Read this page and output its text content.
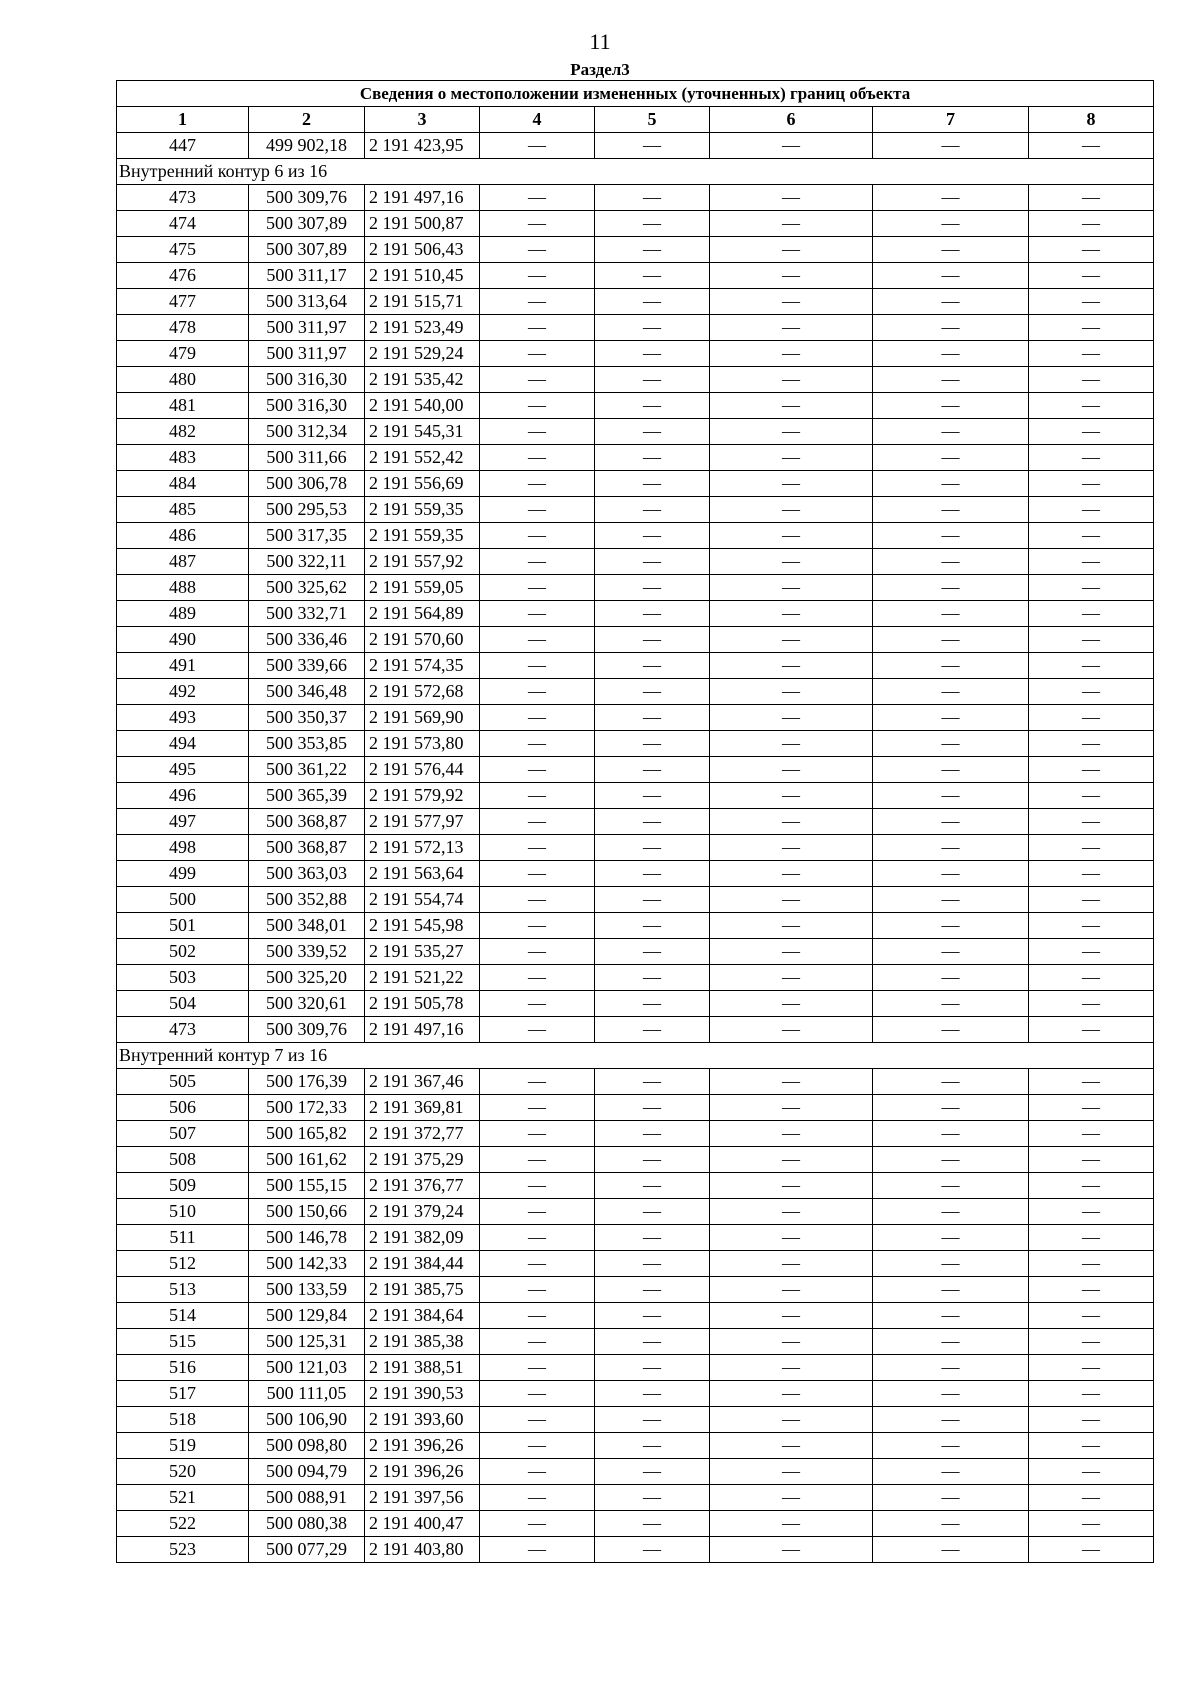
11
Раздел3
Сведения о местоположении измененных (уточненных) границ объекта							
1	2	3	4	5	6	7	8
447	499 902,18	2 191 423,95	—	—	—	—	—
Внутренний контур 6 из 16							
473	500 309,76	2 191 497,16	—	—	—	—	—
474	500 307,89	2 191 500,87	—	—	—	—	—
475	500 307,89	2 191 506,43	—	—	—	—	—
476	500 311,17	2 191 510,45	—	—	—	—	—
477	500 313,64	2 191 515,71	—	—	—	—	—
478	500 311,97	2 191 523,49	—	—	—	—	—
479	500 311,97	2 191 529,24	—	—	—	—	—
480	500 316,30	2 191 535,42	—	—	—	—	—
481	500 316,30	2 191 540,00	—	—	—	—	—
482	500 312,34	2 191 545,31	—	—	—	—	—
483	500 311,66	2 191 552,42	—	—	—	—	—
484	500 306,78	2 191 556,69	—	—	—	—	—
485	500 295,53	2 191 559,35	—	—	—	—	—
486	500 317,35	2 191 559,35	—	—	—	—	—
487	500 322,11	2 191 557,92	—	—	—	—	—
488	500 325,62	2 191 559,05	—	—	—	—	—
489	500 332,71	2 191 564,89	—	—	—	—	—
490	500 336,46	2 191 570,60	—	—	—	—	—
491	500 339,66	2 191 574,35	—	—	—	—	—
492	500 346,48	2 191 572,68	—	—	—	—	—
493	500 350,37	2 191 569,90	—	—	—	—	—
494	500 353,85	2 191 573,80	—	—	—	—	—
495	500 361,22	2 191 576,44	—	—	—	—	—
496	500 365,39	2 191 579,92	—	—	—	—	—
497	500 368,87	2 191 577,97	—	—	—	—	—
498	500 368,87	2 191 572,13	—	—	—	—	—
499	500 363,03	2 191 563,64	—	—	—	—	—
500	500 352,88	2 191 554,74	—	—	—	—	—
501	500 348,01	2 191 545,98	—	—	—	—	—
502	500 339,52	2 191 535,27	—	—	—	—	—
503	500 325,20	2 191 521,22	—	—	—	—	—
504	500 320,61	2 191 505,78	—	—	—	—	—
473	500 309,76	2 191 497,16	—	—	—	—	—
Внутренний контур 7 из 16							
505	500 176,39	2 191 367,46	—	—	—	—	—
506	500 172,33	2 191 369,81	—	—	—	—	—
507	500 165,82	2 191 372,77	—	—	—	—	—
508	500 161,62	2 191 375,29	—	—	—	—	—
509	500 155,15	2 191 376,77	—	—	—	—	—
510	500 150,66	2 191 379,24	—	—	—	—	—
511	500 146,78	2 191 382,09	—	—	—	—	—
512	500 142,33	2 191 384,44	—	—	—	—	—
513	500 133,59	2 191 385,75	—	—	—	—	—
514	500 129,84	2 191 384,64	—	—	—	—	—
515	500 125,31	2 191 385,38	—	—	—	—	—
516	500 121,03	2 191 388,51	—	—	—	—	—
517	500 111,05	2 191 390,53	—	—	—	—	—
518	500 106,90	2 191 393,60	—	—	—	—	—
519	500 098,80	2 191 396,26	—	—	—	—	—
520	500 094,79	2 191 396,26	—	—	—	—	—
521	500 088,91	2 191 397,56	—	—	—	—	—
522	500 080,38	2 191 400,47	—	—	—	—	—
523	500 077,29	2 191 403,80	—	—	—	—	—
